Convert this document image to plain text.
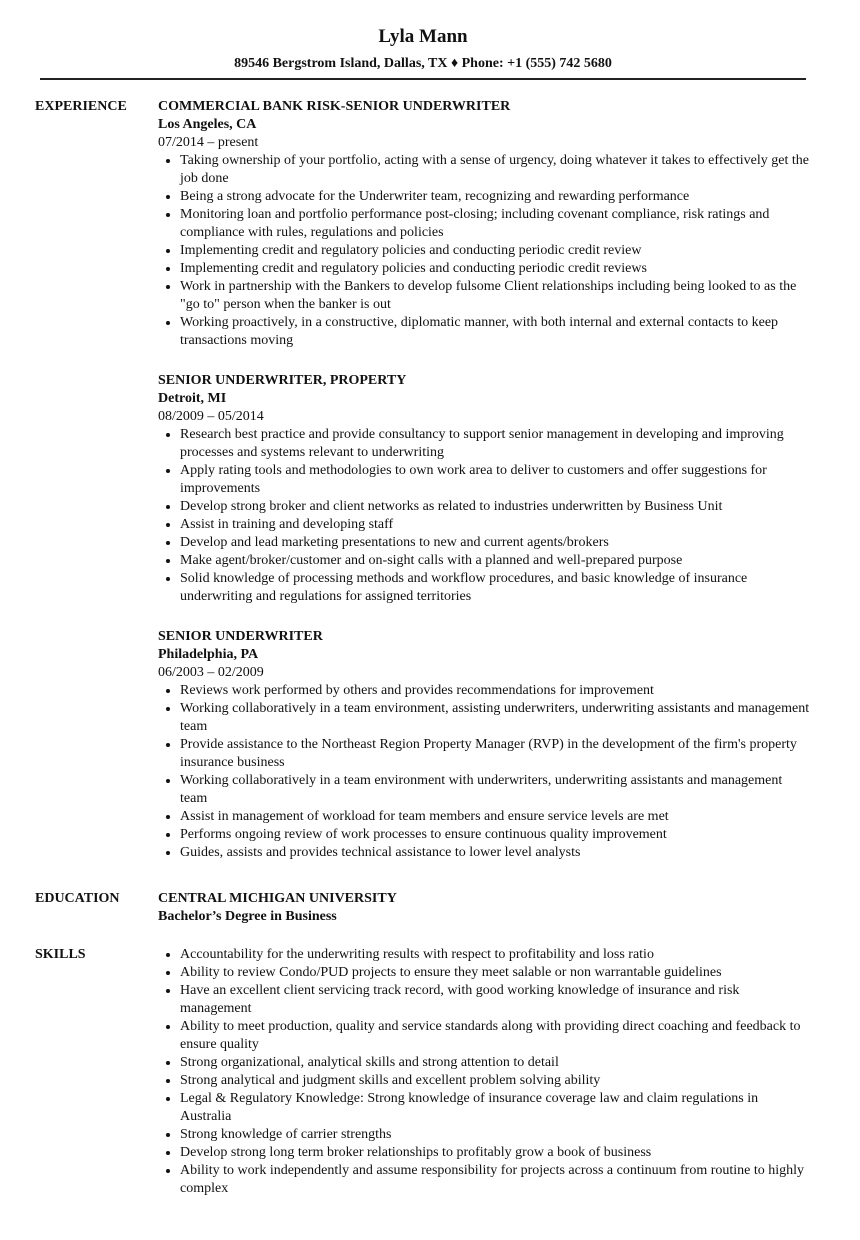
Lyla Mann
89546 Bergstrom Island, Dallas, TX ♦ Phone: +1 (555) 742 5680
EXPERIENCE	COMMERCIAL BANK RISK-SENIOR UNDERWRITER
Los Angeles, CA
07/2014 – present
• Taking ownership of your portfolio, acting with a sense of urgency, doing whatever it takes to effectively get the job done
• Being a strong advocate for the Underwriter team, recognizing and rewarding performance
• Monitoring loan and portfolio performance post-closing; including covenant compliance, risk ratings and compliance with rules, regulations and policies
• Implementing credit and regulatory policies and conducting periodic credit review
• Implementing credit and regulatory policies and conducting periodic credit reviews
• Work in partnership with the Bankers to develop fulsome Client relationships including being looked to as the "go to" person when the banker is out
• Working proactively, in a constructive, diplomatic manner, with both internal and external contacts to keep transactions moving
SENIOR UNDERWRITER, PROPERTY
Detroit, MI
08/2009 – 05/2014
• Research best practice and provide consultancy to support senior management in developing and improving processes and systems relevant to underwriting
• Apply rating tools and methodologies to own work area to deliver to customers and offer suggestions for improvements
• Develop strong broker and client networks as related to industries underwritten by Business Unit
• Assist in training and developing staff
• Develop and lead marketing presentations to new and current agents/brokers
• Make agent/broker/customer and on-sight calls with a planned and well-prepared purpose
• Solid knowledge of processing methods and workflow procedures, and basic knowledge of insurance underwriting and regulations for assigned territories
SENIOR UNDERWRITER
Philadelphia, PA
06/2003 – 02/2009
• Reviews work performed by others and provides recommendations for improvement
• Working collaboratively in a team environment, assisting underwriters, underwriting assistants and management team
• Provide assistance to the Northeast Region Property Manager (RVP) in the development of the firm's property insurance business
• Working collaboratively in a team environment with underwriters, underwriting assistants and management team
• Assist in management of workload for team members and ensure service levels are met
• Performs ongoing review of work processes to ensure continuous quality improvement
• Guides, assists and provides technical assistance to lower level analysts
EDUCATION	CENTRAL MICHIGAN UNIVERSITY
Bachelor’s Degree in Business
SKILLS
•	Accountability for the underwriting results with respect to profitability and loss ratio
• Ability to review Condo/PUD projects to ensure they meet salable or non warrantable guidelines
• Have an excellent client servicing track record, with good working knowledge of insurance and risk management
• Ability to meet production, quality and service standards along with providing direct coaching and feedback to ensure quality
• Strong organizational, analytical skills and strong attention to detail
• Strong analytical and judgment skills and excellent problem solving ability
• Legal & Regulatory Knowledge: Strong knowledge of insurance coverage law and claim regulations in Australia
• Strong knowledge of carrier strengths
• Develop strong long term broker relationships to profitably grow a book of business
• Ability to work independently and assume responsibility for projects across a continuum from routine to highly complex
